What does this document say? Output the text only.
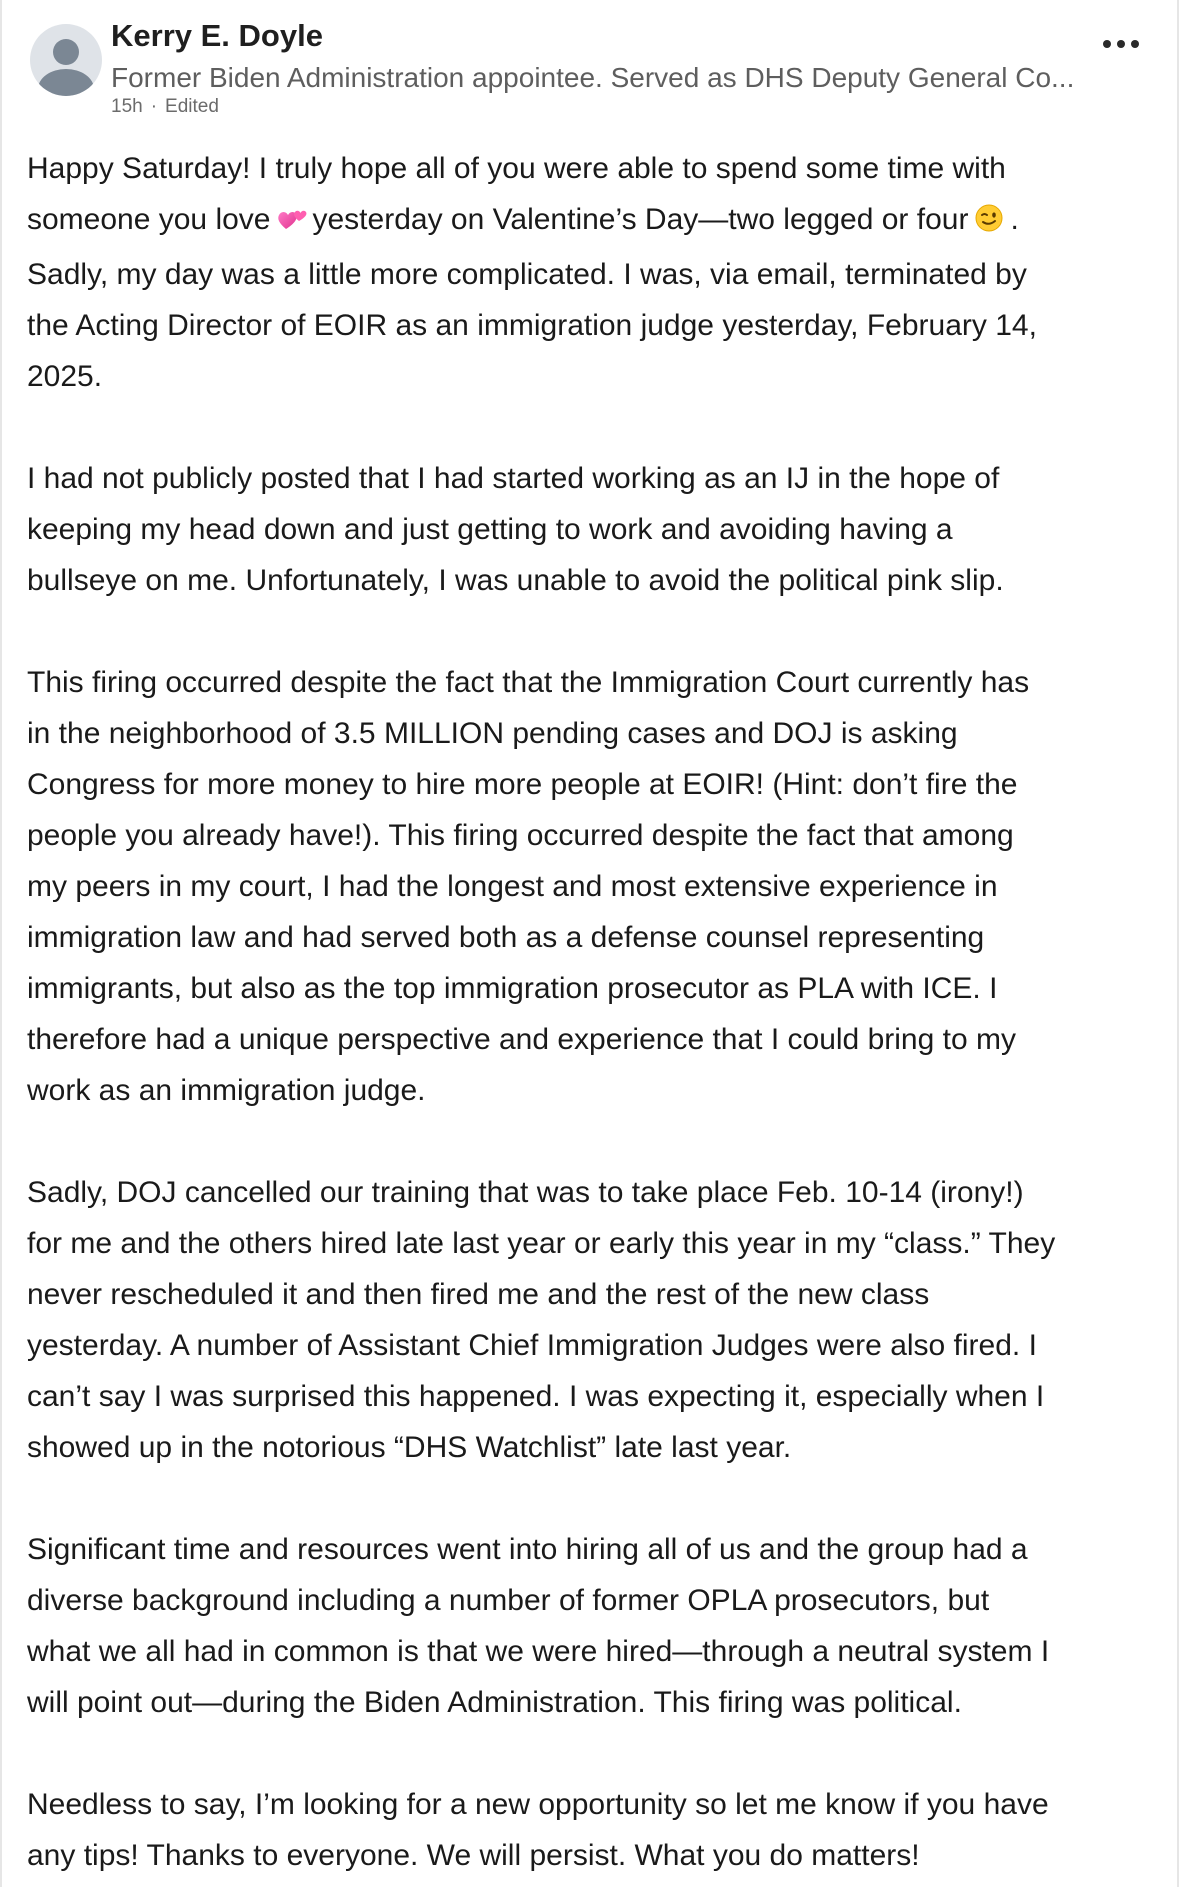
Kerry E. Doyle
Former Biden Administration appointee. Served as DHS Deputy General Co...
15h · Edited
Happy Saturday! I truly hope all of you were able to spend some time with
someone you love yesterday on Valentine’s Day—two legged or four .
Sadly, my day was a little more complicated. I was, via email, terminated by
the Acting Director of EOIR as an immigration judge yesterday, February 14,
2025.
I had not publicly posted that I had started working as an IJ in the hope of
keeping my head down and just getting to work and avoiding having a
bullseye on me. Unfortunately, I was unable to avoid the political pink slip.
This firing occurred despite the fact that the Immigration Court currently has
in the neighborhood of 3.5 MILLION pending cases and DOJ is asking
Congress for more money to hire more people at EOIR! (Hint: don’t fire the
people you already have!). This firing occurred despite the fact that among
my peers in my court, I had the longest and most extensive experience in
immigration law and had served both as a defense counsel representing
immigrants, but also as the top immigration prosecutor as PLA with ICE. I
therefore had a unique perspective and experience that I could bring to my
work as an immigration judge.
Sadly, DOJ cancelled our training that was to take place Feb. 10-14 (irony!)
for me and the others hired late last year or early this year in my “class.” They
never rescheduled it and then fired me and the rest of the new class
yesterday. A number of Assistant Chief Immigration Judges were also fired. I
can’t say I was surprised this happened. I was expecting it, especially when I
showed up in the notorious “DHS Watchlist” late last year.
Significant time and resources went into hiring all of us and the group had a
diverse background including a number of former OPLA prosecutors, but
what we all had in common is that we were hired—through a neutral system I
will point out—during the Biden Administration. This firing was political.
Needless to say, I’m looking for a new opportunity so let me know if you have
any tips! Thanks to everyone. We will persist. What you do matters!
